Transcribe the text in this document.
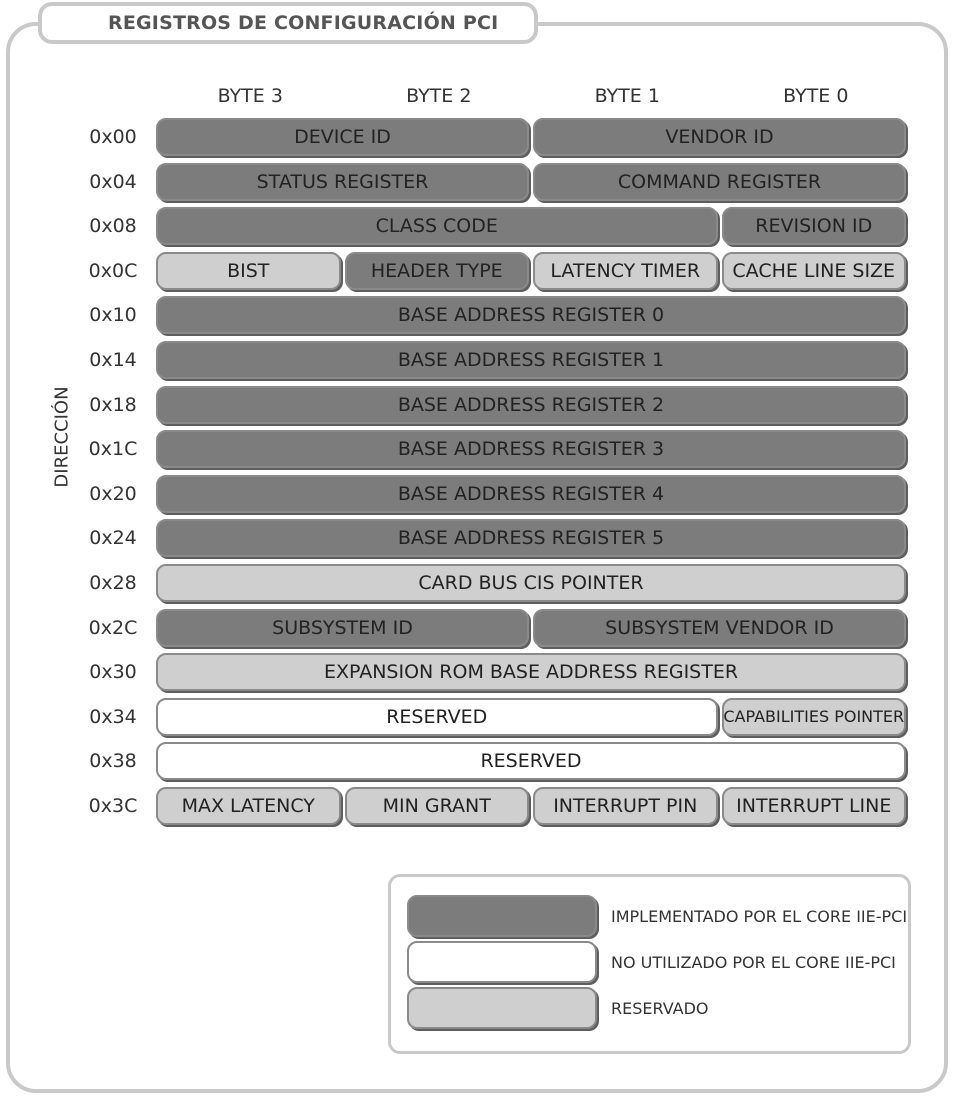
REGISTROS DE CONFIGURACIÓN PCI
BYTE 3	BYTE 2	BYTE 1	BYTE 0
DIRECCIÓN
0x00	DEVICE ID	VENDOR ID
0x04	STATUS REGISTER	COMMAND REGISTER
0x08	CLASS CODE	REVISION ID
0x0C	BIST	HEADER TYPE	LATENCY TIMER	CACHE LINE SIZE
0x10	BASE ADDRESS REGISTER 0
0x14	BASE ADDRESS REGISTER 1
0x18	BASE ADDRESS REGISTER 2
0x1C	BASE ADDRESS REGISTER 3
0x20	BASE ADDRESS REGISTER 4
0x24	BASE ADDRESS REGISTER 5
0x28	CARD BUS CIS POINTER
0x2C	SUBSYSTEM ID	SUBSYSTEM VENDOR ID
0x30	EXPANSION ROM BASE ADDRESS REGISTER
0x34	RESERVED	CAPABILITIES POINTER
0x38	RESERVED
0x3C	MAX LATENCY	MIN GRANT	INTERRUPT PIN	INTERRUPT LINE
IMPLEMENTADO POR EL CORE IIE-PCI
NO UTILIZADO POR EL CORE IIE-PCI
RESERVADO
